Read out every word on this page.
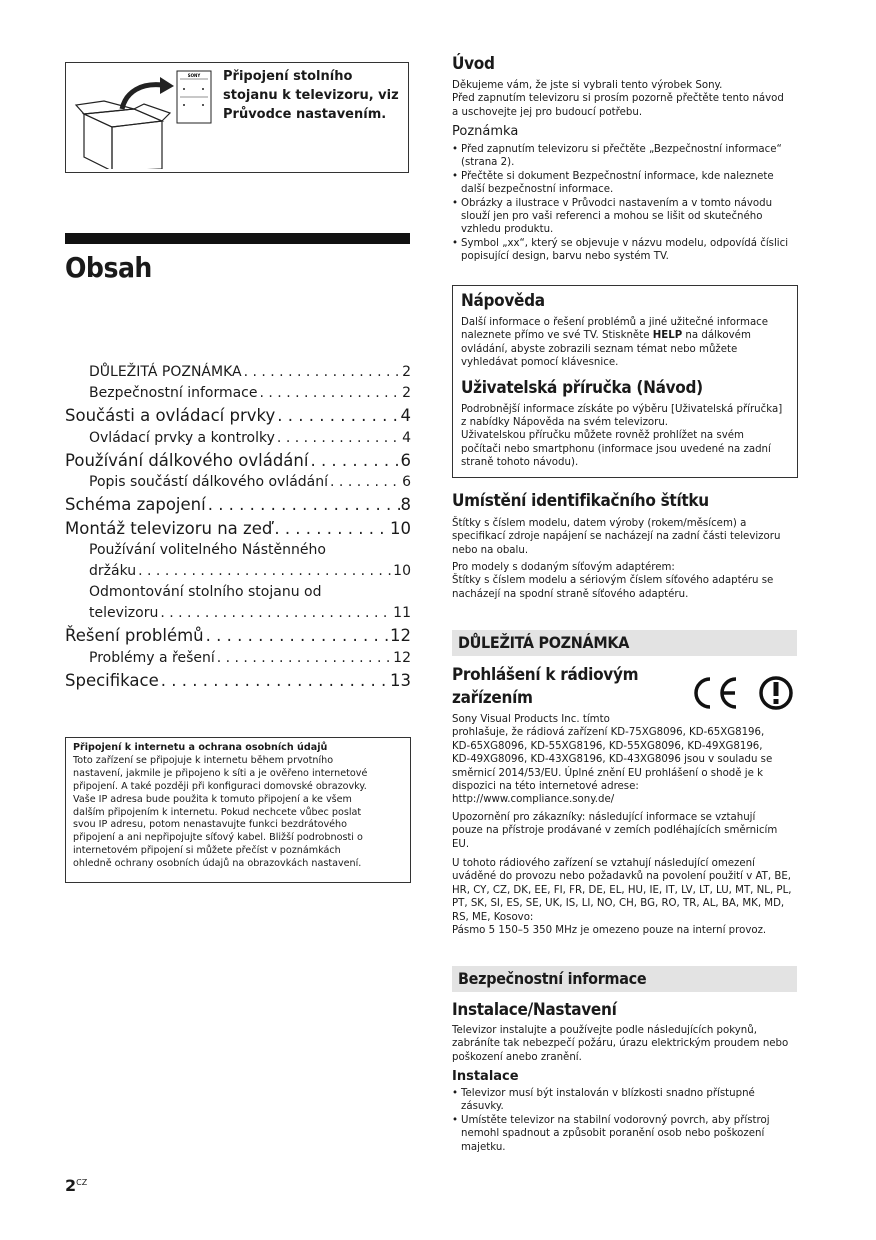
SONY Připojení stolního
stojanu k televizoru, viz
Průvodce nastavením.
Obsah
DŮLEŽITÁ POZNÁMKA . . .	2
Bezpečnostní informace . . .	2
Součásti a ovládací prvky . . .	4
Ovládací prvky a kontrolky . . .	4
Používání dálkového ovládání . . .	6
Popis součástí dálkového ovládání . . .	6
Schéma zapojení . . .	8
Montáž televizoru na zeď . . .	10
Používání volitelného Nástěnného
držáku . . .	10
Odmontování stolního stojanu od
televizoru . . .	11
Řešení problémů . . .	12
Problémy a řešení . . .	12
Specifikace . . .	13
Připojení k internetu a ochrana osobních údajů
Toto zařízení se připojuje k internetu během prvotního
nastavení, jakmile je připojeno k síti a je ověřeno internetové
připojení. A také později při konfiguraci domovské obrazovky.
Vaše IP adresa bude použita k tomuto připojení a ke všem
dalším připojením k internetu. Pokud nechcete vůbec poslat
svou IP adresu, potom nenastavujte funkci bezdrátového
připojení a ani nepřipojujte síťový kabel. Bližší podrobnosti o
internetovém připojení si můžete přečíst v poznámkách
ohledně ochrany osobních údajů na obrazovkách nastavení.
$2^{CZ}$
Úvod
Děkujeme vám, že jste si vybrali tento výrobek Sony.
Před zapnutím televizoru si prosím pozorně přečtěte tento návod
a uschovejte jej pro budoucí potřebu.
Poznámka
• Před zapnutím televizoru si přečtěte „Bezpečnostní informace“
(strana 2).
• Přečtěte si dokument Bezpečnostní informace, kde naleznete
další bezpečnostní informace.
• Obrázky a ilustrace v Průvodci nastavením a v tomto návodu
slouží jen pro vaši referenci a mohou se lišit od skutečného
vzhledu produktu.
• Symbol „xx“, který se objevuje v názvu modelu, odpovídá číslici
popisující design, barvu nebo systém TV.
Nápověda
Další informace o řešení problémů a jiné užitečné informace
naleznete přímo ve své TV. Stiskněte HELP na dálkovém
ovládání, abyste zobrazili seznam témat nebo můžete
vyhledávat pomocí klávesnice.
Uživatelská příručka (Návod)
Podrobnější informace získáte po výběru [Uživatelská příručka]
z nabídky Nápověda na svém televizoru.
Uživatelskou příručku můžete rovněž prohlížet na svém
počítači nebo smartphonu (informace jsou uvedené na zadní
straně tohoto návodu).
Umístění identifikačního štítku
Štítky s číslem modelu, datem výroby (rokem/měsícem) a
specifikací zdroje napájení se nacházejí na zadní části televizoru
nebo na obalu.
Pro modely s dodaným síťovým adaptérem:
Štítky s číslem modelu a sériovým číslem síťového adaptéru se
nacházejí na spodní straně síťového adaptéru.
DŮLEŽITÁ POZNÁMKA
Prohlášení k rádiovým
zařízením
Sony Visual Products Inc. tímto
prohlašuje, že rádiová zařízení KD-75XG8096, KD-65XG8196,
KD-65XG8096, KD-55XG8196, KD-55XG8096, KD-49XG8196,
KD-49XG8096, KD-43XG8196, KD-43XG8096 jsou v souladu se
směrnicí 2014/53/EU. Úplné znění EU prohlášení o shodě je k
dispozici na této internetové adrese:
http://www.compliance.sony.de/
Upozornění pro zákazníky: následující informace se vztahují
pouze na přístroje prodávané v zemích podléhajících směrnicím
EU.
U tohoto rádiového zařízení se vztahují následující omezení
uváděné do provozu nebo požadavků na povolení použití v AT, BE,
HR, CY, CZ, DK, EE, FI, FR, DE, EL, HU, IE, IT, LV, LT, LU, MT, NL, PL,
PT, SK, SI, ES, SE, UK, IS, LI, NO, CH, BG, RO, TR, AL, BA, MK, MD,
RS, ME, Kosovo:
Pásmo 5 150–5 350 MHz je omezeno pouze na interní provoz.
Bezpečnostní informace
Instalace/Nastavení
Televizor instalujte a používejte podle následujících pokynů,
zabráníte tak nebezpečí požáru, úrazu elektrickým proudem nebo
poškození anebo zranění.
Instalace
• Televizor musí být instalován v blízkosti snadno přístupné
zásuvky.
• Umístěte televizor na stabilní vodorovný povrch, aby přístroj
nemohl spadnout a způsobit poranění osob nebo poškození
majetku.
